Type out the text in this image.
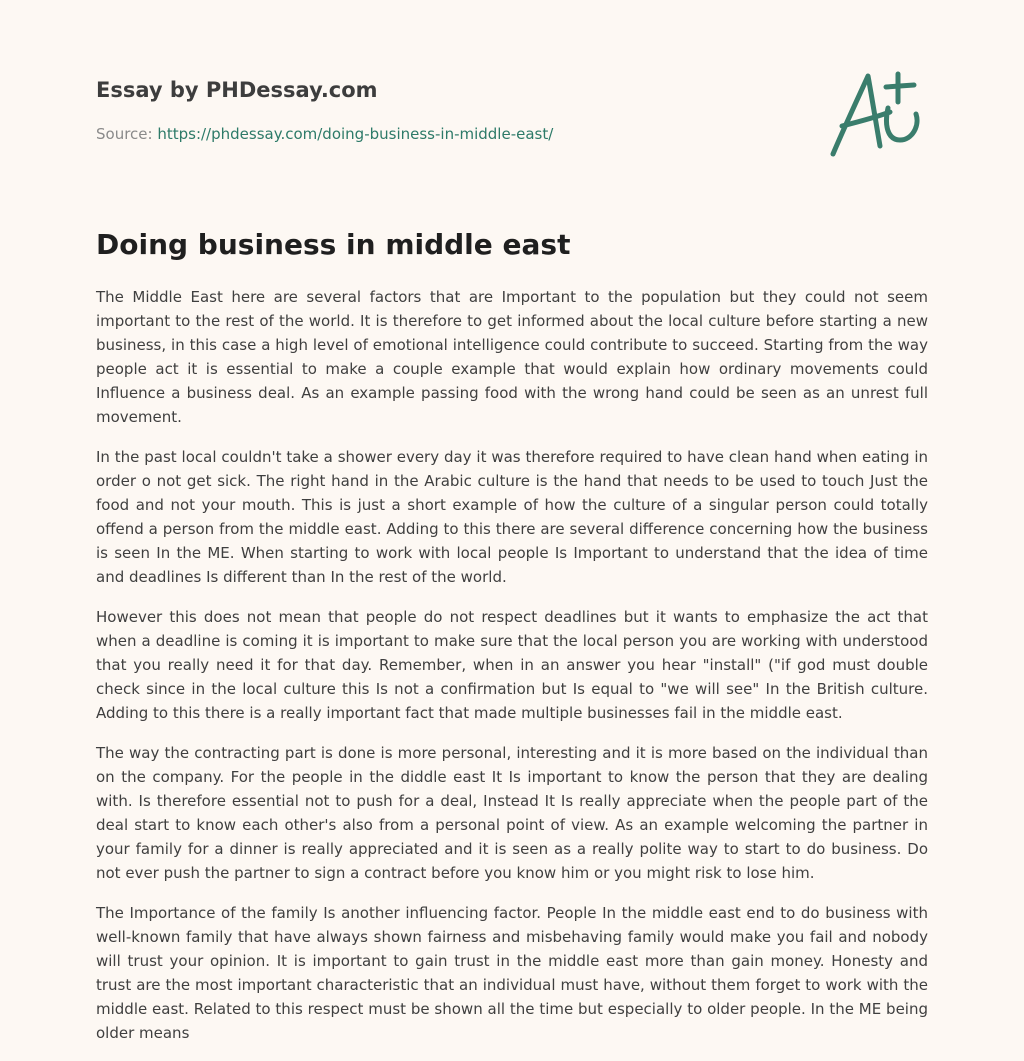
Essay by PHDessay.com
Source: https://phdessay.com/doing-business-in-middle-east/
Doing business in middle east

The Middle East here are several factors that are Important to the population but they could not seem important to the rest of the world. It is therefore to get informed about the local culture before starting a new business, in this case a high level of emotional intelligence could contribute to succeed. Starting from the way people act it is essential to make a couple example that would explain how ordinary movements could Influence a business deal. As an example passing food with the wrong hand could be seen as an unrest full movement.

In the past local couldn't take a shower every day it was therefore required to have clean hand when eating in order o not get sick. The right hand in the Arabic culture is the hand that needs to be used to touch Just the food and not your mouth. This is just a short example of how the culture of a singular person could totally offend a person from the middle east. Adding to this there are several difference concerning how the business is seen In the ME. When starting to work with local people Is Important to understand that the idea of time and deadlines Is different than In the rest of the world.

However this does not mean that people do not respect deadlines but it wants to emphasize the act that when a deadline is coming it is important to make sure that the local person you are working with understood that you really need it for that day. Remember, when in an answer you hear "install" ("if god must double check since in the local culture this Is not a confirmation but Is equal to "we will see" In the British culture. Adding to this there is a really important fact that made multiple businesses fail in the middle east.

The way the contracting part is done is more personal, interesting and it is more based on the individual than on the company. For the people in the diddle east It Is important to know the person that they are dealing with. Is therefore essential not to push for a deal, Instead It Is really appreciate when the people part of the deal start to know each other's also from a personal point of view. As an example welcoming the partner in your family for a dinner is really appreciated and it is seen as a really polite way to start to do business. Do not ever push the partner to sign a contract before you know him or you might risk to lose him.

The Importance of the family Is another influencing factor. People In the middle east end to do business with well-known family that have always shown fairness and misbehaving family would make you fail and nobody will trust your opinion. It is important to gain trust in the middle east more than gain money. Honesty and trust are the most important characteristic that an individual must have, without them forget to work with the middle east. Related to this respect must be shown all the time but especially to older people. In the ME being older means
